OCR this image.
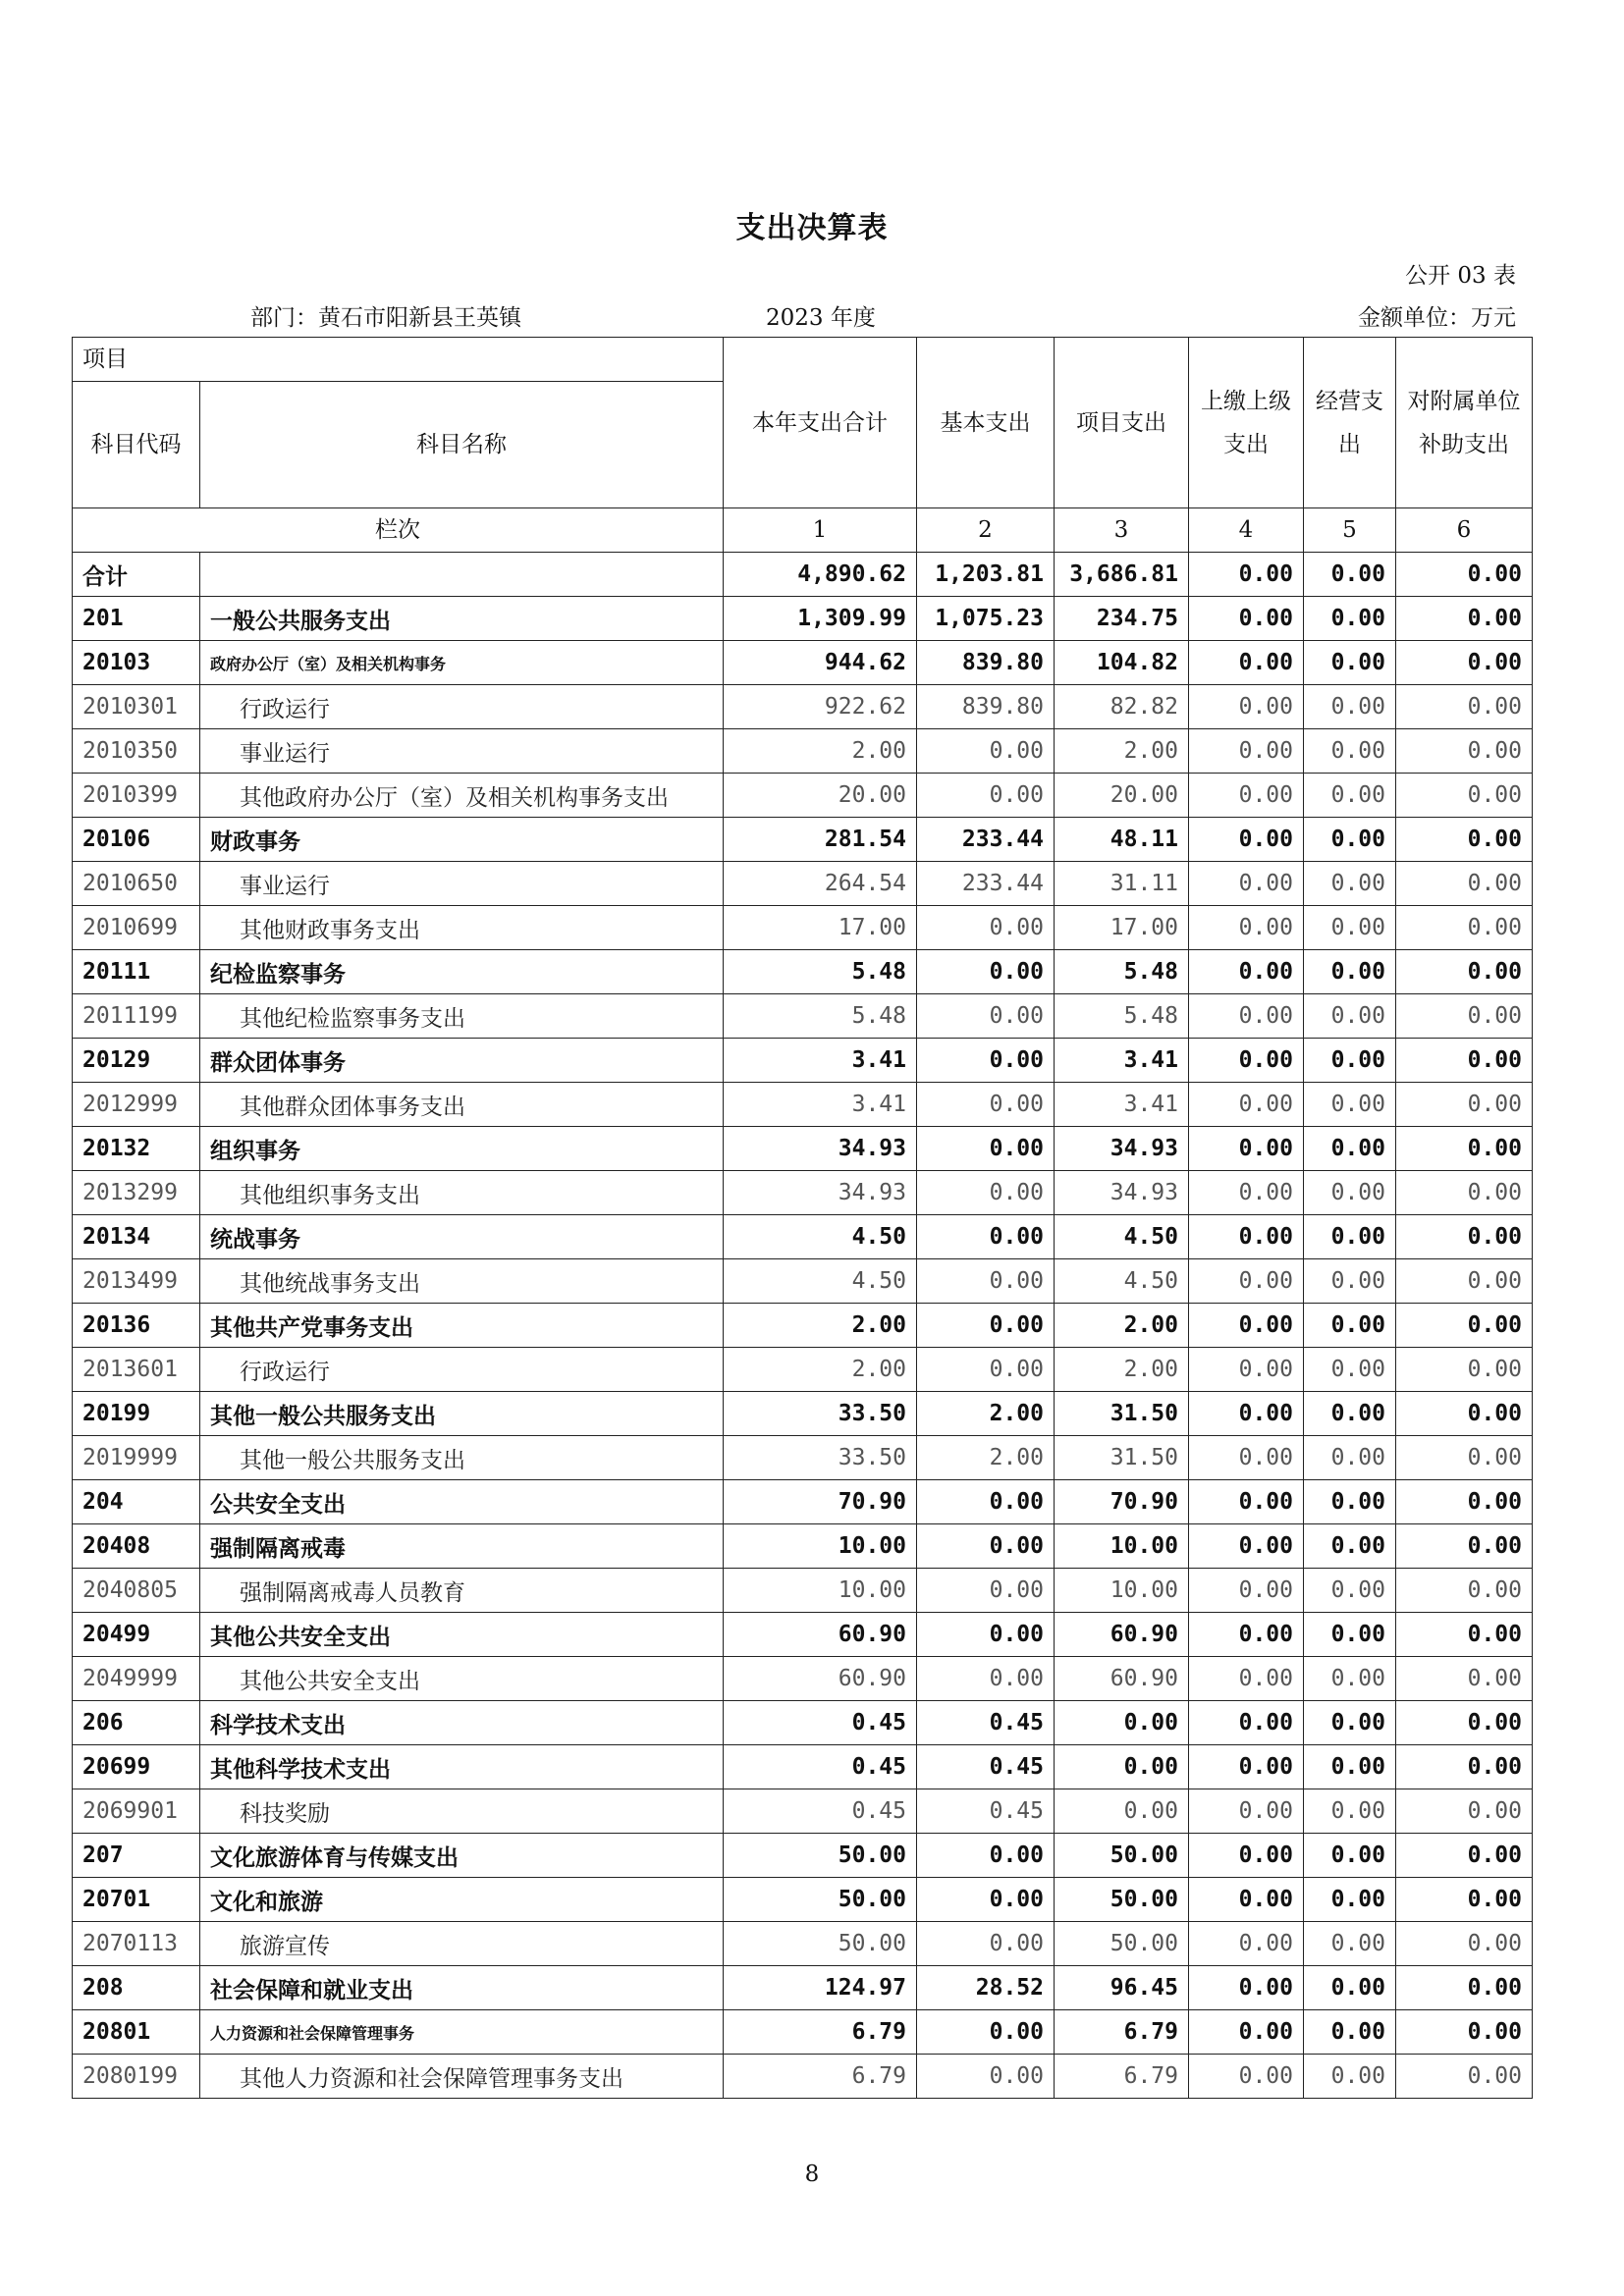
支出决算表
公开 03 表
部门：黄石市阳新县王英镇	2023 年度	金额单位：万元
项目		本年支出合计	基本支出	项目支出	上缴上级支出	经营支出	对附属单位补助支出
科目代码	科目名称						
栏次		1	2	3	4	5	6
合计		4,890.62	1,203.81	3,686.81	0.00	0.00	0.00
201	一般公共服务支出	1,309.99	1,075.23	234.75	0.00	0.00	0.00
20103	政府办公厅（室）及相关机构事务	944.62	839.80	104.82	0.00	0.00	0.00
2010301	行政运行	922.62	839.80	82.82	0.00	0.00	0.00
2010350	事业运行	2.00	0.00	2.00	0.00	0.00	0.00
2010399	其他政府办公厅（室）及相关机构事务支出	20.00	0.00	20.00	0.00	0.00	0.00
20106	财政事务	281.54	233.44	48.11	0.00	0.00	0.00
2010650	事业运行	264.54	233.44	31.11	0.00	0.00	0.00
2010699	其他财政事务支出	17.00	0.00	17.00	0.00	0.00	0.00
20111	纪检监察事务	5.48	0.00	5.48	0.00	0.00	0.00
2011199	其他纪检监察事务支出	5.48	0.00	5.48	0.00	0.00	0.00
20129	群众团体事务	3.41	0.00	3.41	0.00	0.00	0.00
2012999	其他群众团体事务支出	3.41	0.00	3.41	0.00	0.00	0.00
20132	组织事务	34.93	0.00	34.93	0.00	0.00	0.00
2013299	其他组织事务支出	34.93	0.00	34.93	0.00	0.00	0.00
20134	统战事务	4.50	0.00	4.50	0.00	0.00	0.00
2013499	其他统战事务支出	4.50	0.00	4.50	0.00	0.00	0.00
20136	其他共产党事务支出	2.00	0.00	2.00	0.00	0.00	0.00
2013601	行政运行	2.00	0.00	2.00	0.00	0.00	0.00
20199	其他一般公共服务支出	33.50	2.00	31.50	0.00	0.00	0.00
2019999	其他一般公共服务支出	33.50	2.00	31.50	0.00	0.00	0.00
204	公共安全支出	70.90	0.00	70.90	0.00	0.00	0.00
20408	强制隔离戒毒	10.00	0.00	10.00	0.00	0.00	0.00
2040805	强制隔离戒毒人员教育	10.00	0.00	10.00	0.00	0.00	0.00
20499	其他公共安全支出	60.90	0.00	60.90	0.00	0.00	0.00
2049999	其他公共安全支出	60.90	0.00	60.90	0.00	0.00	0.00
206	科学技术支出	0.45	0.45	0.00	0.00	0.00	0.00
20699	其他科学技术支出	0.45	0.45	0.00	0.00	0.00	0.00
2069901	科技奖励	0.45	0.45	0.00	0.00	0.00	0.00
207	文化旅游体育与传媒支出	50.00	0.00	50.00	0.00	0.00	0.00
20701	文化和旅游	50.00	0.00	50.00	0.00	0.00	0.00
2070113	旅游宣传	50.00	0.00	50.00	0.00	0.00	0.00
208	社会保障和就业支出	124.97	28.52	96.45	0.00	0.00	0.00
20801	人力资源和社会保障管理事务	6.79	0.00	6.79	0.00	0.00	0.00
2080199	其他人力资源和社会保障管理事务支出	6.79	0.00	6.79	0.00	0.00	0.00
8
